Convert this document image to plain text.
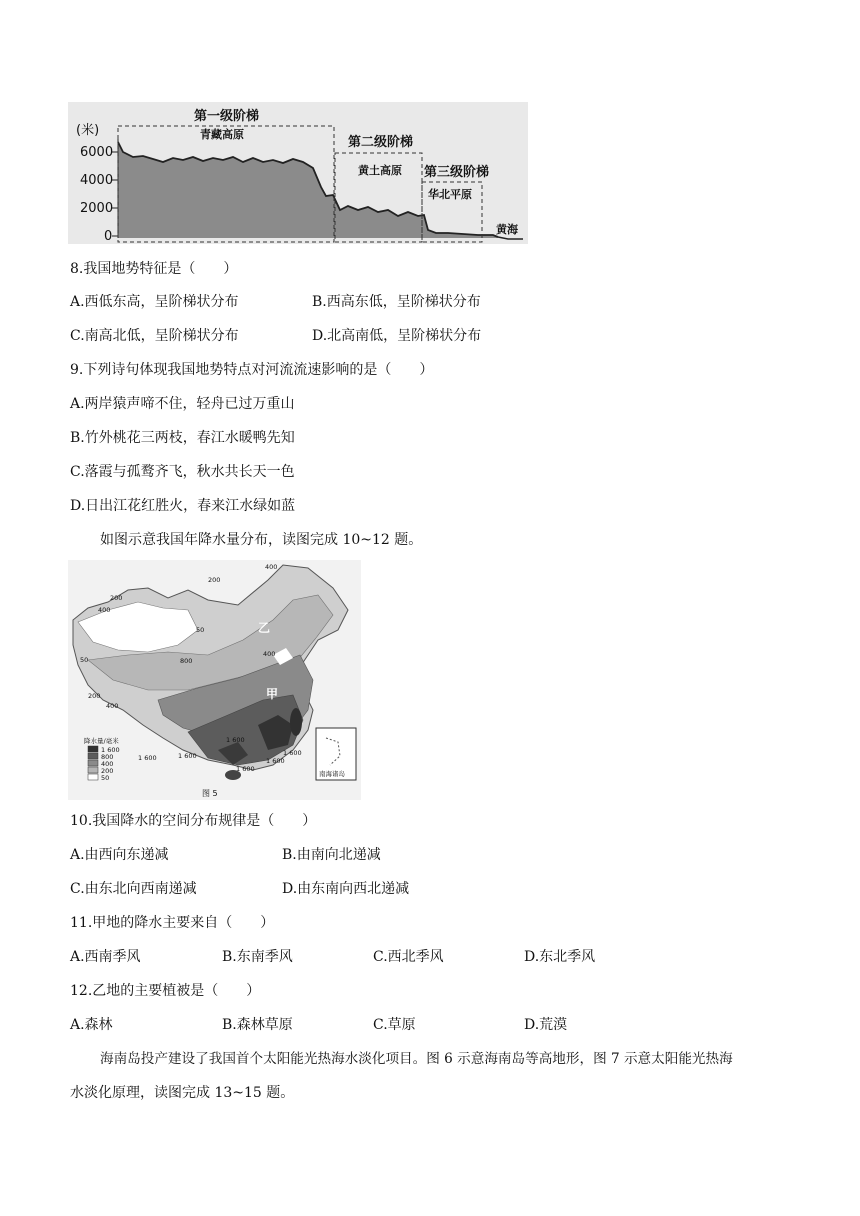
(米)
6000
4000
2000
0
第一级阶梯
第二级阶梯
第三级阶梯
青藏高原
黄土高原
华北平原
黄海
8.我国地势特征是（　　）
A.西低东高，呈阶梯状分布	B.西高东低，呈阶梯状分布
C.南高北低，呈阶梯状分布	D.北高南低，呈阶梯状分布
9.下列诗句体现我国地势特点对河流流速影响的是（　　）
A.两岸猿声啼不住，轻舟已过万重山
B.竹外桃花三两枝，春江水暖鸭先知
C.落霞与孤鹜齐飞，秋水共长天一色
D.日出江花红胜火，春来江水绿如蓝
如图示意我国年降水量分布，读图完成 10~12 题。
降水量/毫米
1 600
800
400
200
50
400
200
400
50
200
400
50	800
200
400
1 600	1 600
1 600
1 600
1 600
1 600
南海诸岛
乙
甲
图 5
10.我国降水的空间分布规律是（　　）
A.由西向东递减	B.由南向北递减
C.由东北向西南递减	D.由东南向西北递减
11.甲地的降水主要来自（　　）
A.西南季风	B.东南季风	C.西北季风	D.东北季风
12.乙地的主要植被是（　　）
A.森林	B.森林草原	C.草原	D.荒漠
海南岛投产建设了我国首个太阳能光热海水淡化项目。图 6 示意海南岛等高地形，图 7 示意太阳能光热海
水淡化原理，读图完成 13~15 题。
